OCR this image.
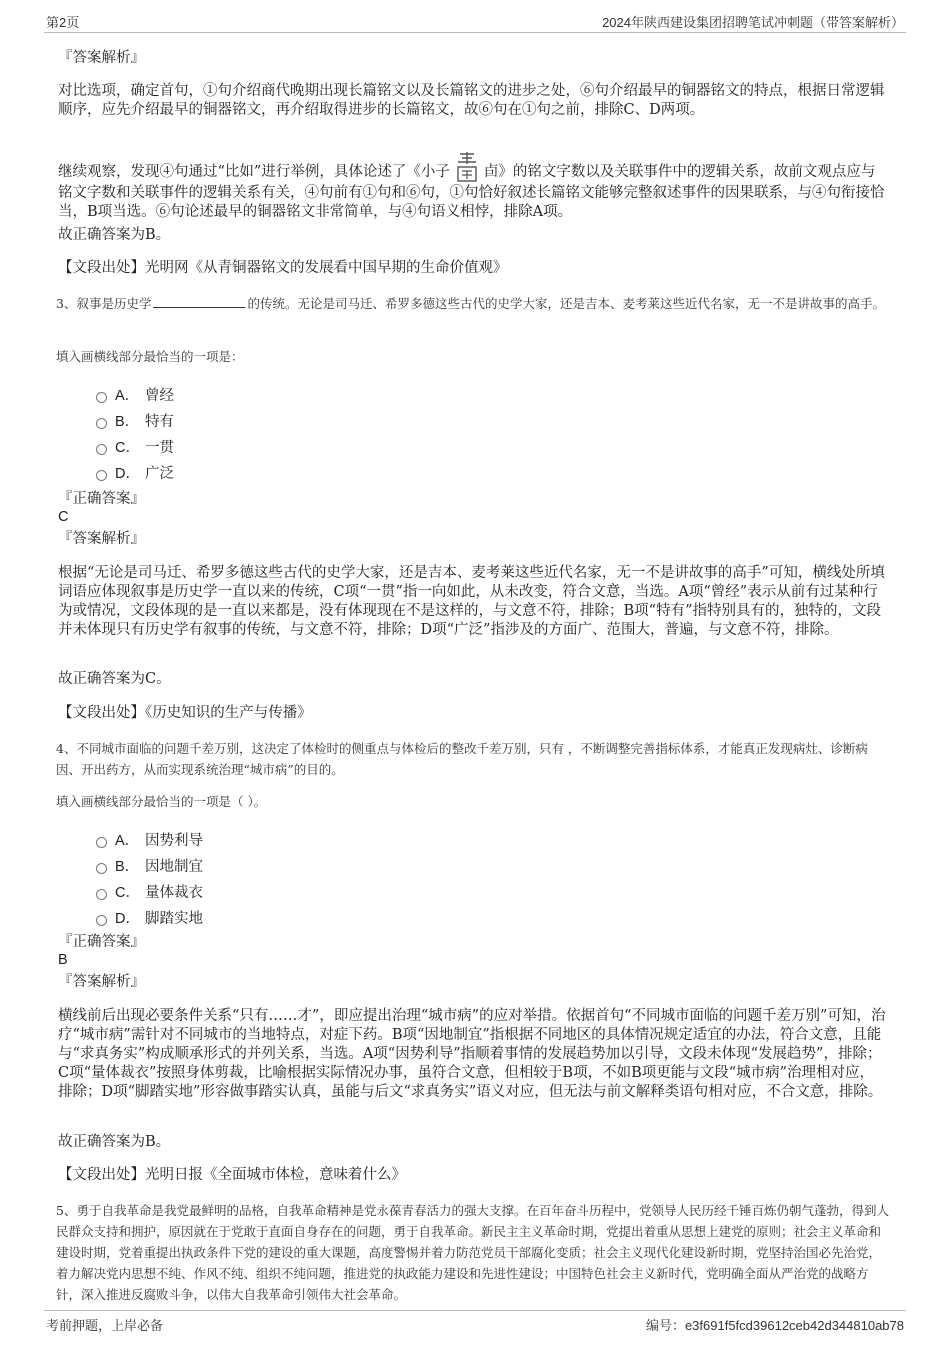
第2页	2024年陕西建设集团招聘笔试冲刺题（带答案解析）
『答案解析』
对比选项，确定首句，①句介绍商代晚期出现长篇铭文以及长篇铭文的进步之处，⑥句介绍最早的铜器铭文的特点，根据日常逻辑顺序，应先介绍最早的铜器铭文，再介绍取得进步的长篇铭文，故⑥句在①句之前，排除C、D两项。
继续观察，发现④句通过“比如”进行举例，具体论述了《小子 卣》的铭文字数以及关联事件中的逻辑关系，故前文观点应与铭文字数和关联事件的逻辑关系有关，④句前有①句和⑥句，①句恰好叙述长篇铭文能够完整叙述事件的因果联系，与④句衔接恰当，B项当选。⑥句论述最早的铜器铭文非常简单，与④句语义相悖，排除A项。
故正确答案为B。
【文段出处】光明网《从青铜器铭文的发展看中国早期的生命价值观》
3、叙事是历史学	的传统。无论是司马迁、希罗多德这些古代的史学大家，还是吉本、麦考莱这些近代名家，无一不是讲故事的高手。
填入画横线部分最恰当的一项是：
A． 曾经
B． 特有
C． 一贯
D． 广泛
『正确答案』
C
『答案解析』
根据“无论是司马迁、希罗多德这些古代的史学大家，还是吉本、麦考莱这些近代名家，无一不是讲故事的高手”可知，横线处所填词语应体现叙事是历史学一直以来的传统，C项“一贯”指一向如此，从未改变，符合文意，当选。A项“曾经”表示从前有过某种行为或情况，文段体现的是一直以来都是，没有体现现在不是这样的，与文意不符，排除；B项“特有”指特别具有的，独特的，文段并未体现只有历史学有叙事的传统，与文意不符，排除；D项“广泛”指涉及的方面广、范围大，普遍，与文意不符，排除。
故正确答案为C。
【文段出处】《历史知识的生产与传播》
4、不同城市面临的问题千差万别，这决定了体检时的侧重点与体检后的整改千差万别，只有 ，不断调整完善指标体系，才能真正发现病灶、诊断病因、开出药方，从而实现系统治理“城市病”的目的。
填入画横线部分最恰当的一项是（ ）。
A． 因势利导
B． 因地制宜
C． 量体裁衣
D． 脚踏实地
『正确答案』
B
『答案解析』
横线前后出现必要条件关系“只有……才”，即应提出治理“城市病”的应对举措。依据首句“不同城市面临的问题千差万别”可知，治疗“城市病”需针对不同城市的当地特点，对症下药。B项“因地制宜”指根据不同地区的具体情况规定适宜的办法，符合文意，且能与“求真务实”构成顺承形式的并列关系，当选。A项“因势利导”指顺着事情的发展趋势加以引导，文段未体现“发展趋势”，排除；C项“量体裁衣”按照身体剪裁，比喻根据实际情况办事，虽符合文意，但相较于B项，不如B项更能与文段“城市病”治理相对应，排除；D项“脚踏实地”形容做事踏实认真，虽能与后文“求真务实”语义对应，但无法与前文解释类语句相对应，不合文意，排除。
故正确答案为B。
【文段出处】光明日报《全面城市体检，意味着什么》
5、勇于自我革命是我党最鲜明的品格，自我革命精神是党永葆青春活力的强大支撑。在百年奋斗历程中，党领导人民历经千锤百炼仍朝气蓬勃，得到人民群众支持和拥护，原因就在于党敢于直面自身存在的问题，勇于自我革命。新民主主义革命时期，党提出着重从思想上建党的原则；社会主义革命和建设时期，党着重提出执政条件下党的建设的重大课题，高度警惕并着力防范党员干部腐化变质；社会主义现代化建设新时期，党坚持治国必先治党，着力解决党内思想不纯、作风不纯、组织不纯问题，推进党的执政能力建设和先进性建设；中国特色社会主义新时代，党明确全面从严治党的战略方针，深入推进反腐败斗争，以伟大自我革命引领伟大社会革命。
考前押题，上岸必备	编号：e3f691f5fcd39612ceb42d344810ab78
